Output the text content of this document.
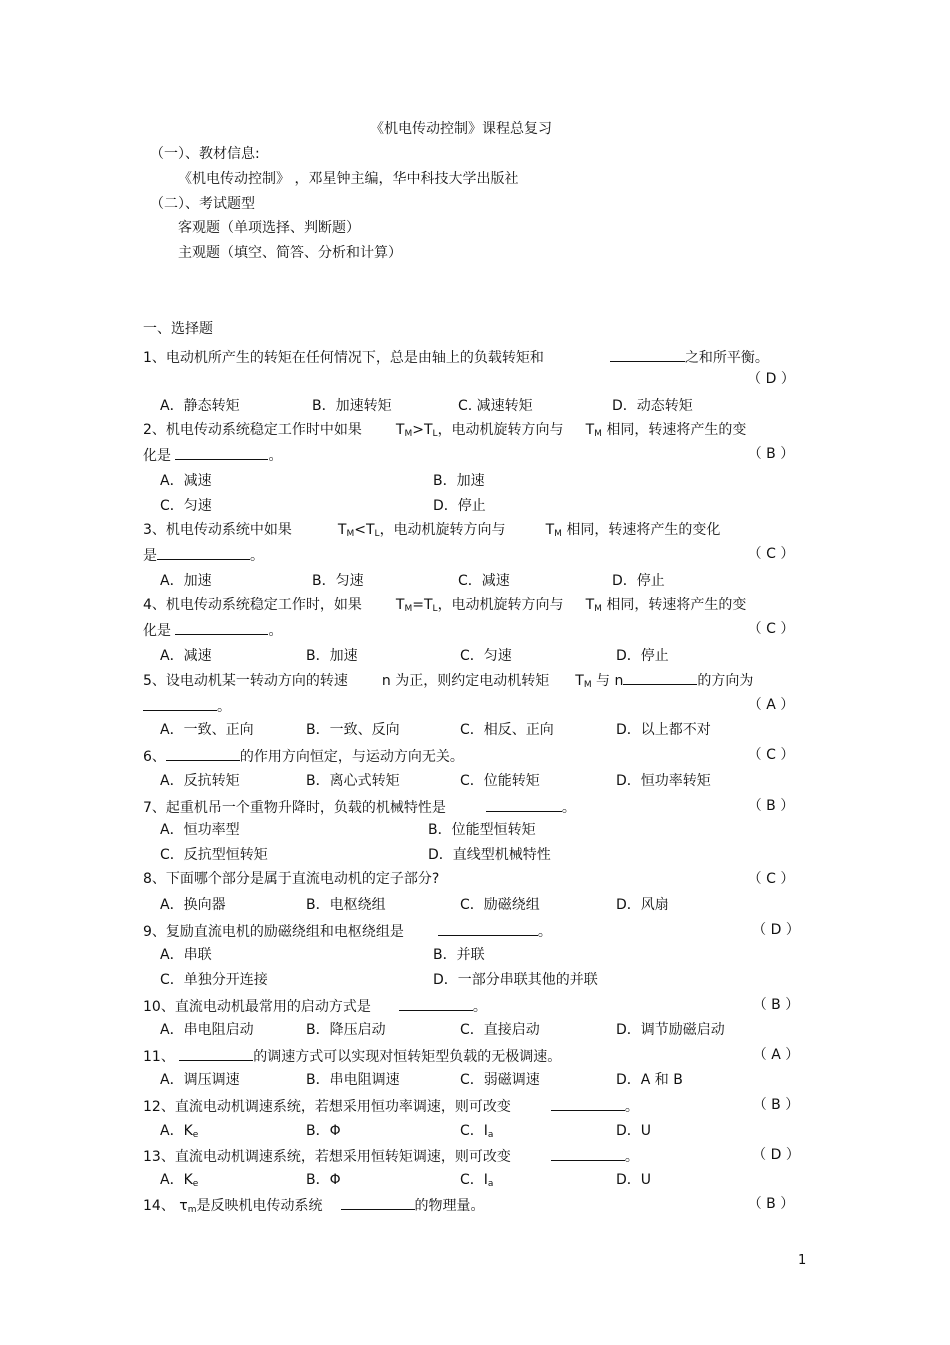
《机电传动控制》课程总复习
（一）、教材信息:
《机电传动控制》 ，邓星钟主编，华中科技大学出版社
（二）、考试题型
客观题（单项选择、判断题）
主观题（填空、简答、分析和计算）
一、选择题
1、电动机所产生的转矩在任何情况下，总是由轴上的负载转矩和	之和所平衡。
（ D ）
A．静态转矩	B．加速转矩	C. 减速转矩	D．动态转矩
2、机电传动系统稳定工作时中如果 $T_M>T_L$，电动机旋转方向与 $T_M$ 相同，转速将产生的变
化是	。	（ B ）
A．减速	B．加速
C．匀速	D．停止
3、机电传动系统中如果	$T_M<T_L$，电动机旋转方向与	$T_M$ 相同，转速将产生的变化
是	。	（ C ）
A．加速	B．匀速	C．减速	D．停止
4、机电传动系统稳定工作时，如果 $T_M=T_L$，电动机旋转方向与 $T_M$ 相同，转速将产生的变
化是	。	（ C ）
A．减速	B．加速	C．匀速	D．停止
5、设电动机某一转动方向的转速 n 为正，则约定电动机转矩 $T_M$ 与 n	的方向为
。	（ A ）
A．一致、正向	B．一致、反向	C．相反、正向	D．以上都不对
6、	的作用方向恒定，与运动方向无关。	（ C ）
A．反抗转矩	B．离心式转矩	C．位能转矩	D．恒功率转矩
7、起重机吊一个重物升降时，负载的机械特性是	。	（ B ）
A．恒功率型	B．位能型恒转矩
C．反抗型恒转矩	D．直线型机械特性
8、下面哪个部分是属于直流电动机的定子部分?	（ C ）
A．换向器	B．电枢绕组	C．励磁绕组	D．风扇
9、复励直流电机的励磁绕组和电枢绕组是	。	（ D ）
A．串联	B．并联
C．单独分开连接	D．一部分串联其他的并联
10、直流电动机最常用的启动方式是	。	（ B ）
A．串电阻启动	B．降压启动	C．直接启动	D．调节励磁启动
11、	的调速方式可以实现对恒转矩型负载的无极调速。	（ A ）
A．调压调速	B．串电阻调速	C．弱磁调速	D．A 和 B
12、直流电动机调速系统，若想采用恒功率调速，则可改变	。	（ B ）
A．$K_e$	B．Φ	C．$I_a$	D．U
13、直流电动机调速系统，若想采用恒转矩调速，则可改变	。	（ D ）
A．$K_e$	B．Φ	C．$I_a$	D．U
14、 $\tau_m$是反映机电传动系统	的物理量。	（ B ）
1
